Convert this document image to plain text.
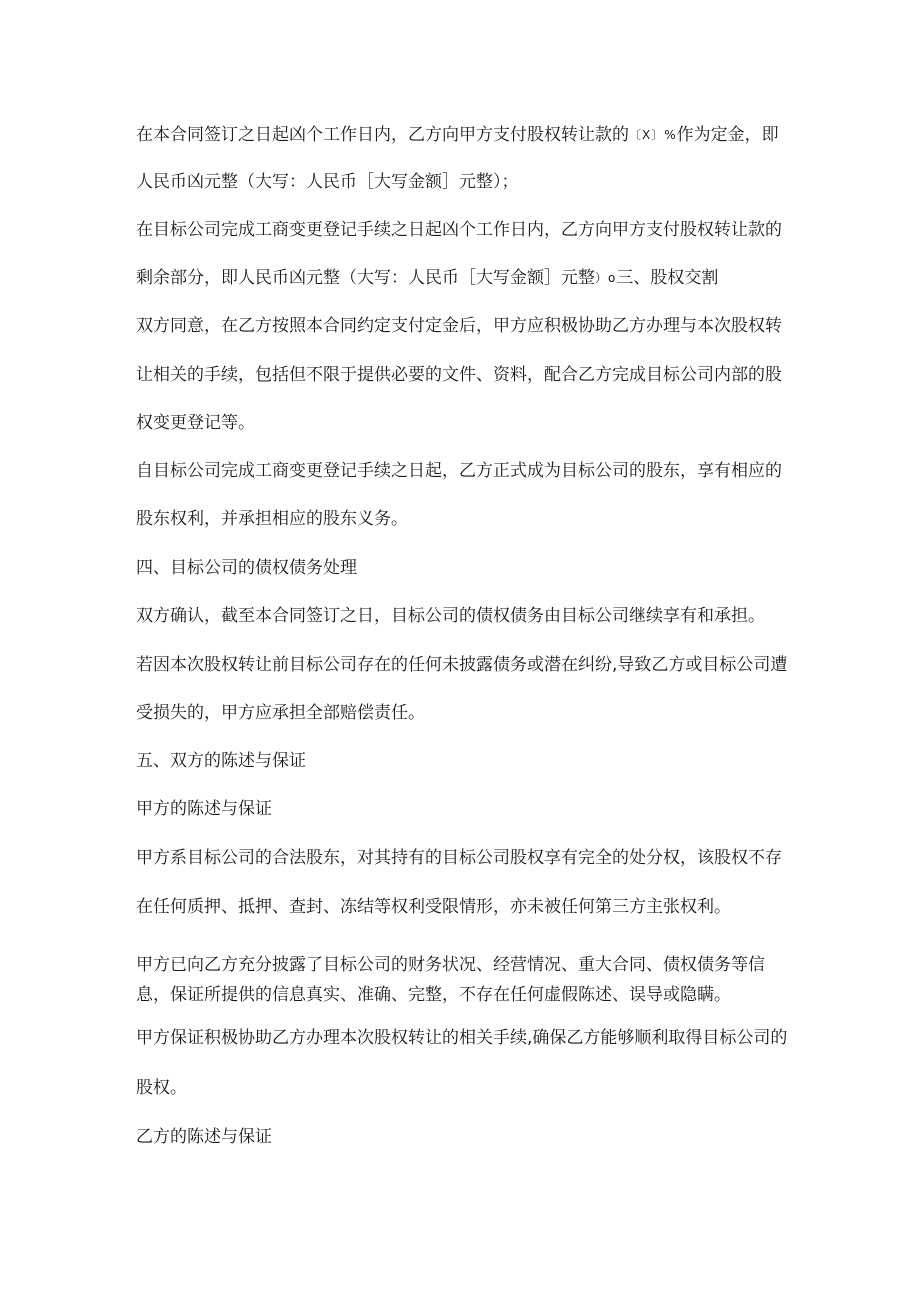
在本合同签订之日起凶个工作日内，乙方向甲方支付股权转让款的〔X〕%作为定金，即

人民币凶元整（大写：人民币［大写金额］元整）；

在目标公司完成工商变更登记手续之日起凶个工作日内，乙方向甲方支付股权转让款的

剩余部分，即人民币凶元整（大写：人民币［大写金额］元整）o三、股权交割

双方同意，在乙方按照本合同约定支付定金后，甲方应积极协助乙方办理与本次股权转

让相关的手续，包括但不限于提供必要的文件、资料，配合乙方完成目标公司内部的股

权变更登记等。

自目标公司完成工商变更登记手续之日起，乙方正式成为目标公司的股东，享有相应的

股东权利，并承担相应的股东义务。

四、目标公司的债权债务处理

双方确认，截至本合同签订之日，目标公司的债权债务由目标公司继续享有和承担。

若因本次股权转让前目标公司存在的任何未披露债务或潜在纠纷,导致乙方或目标公司遭

受损失的，甲方应承担全部赔偿责任。

五、双方的陈述与保证

甲方的陈述与保证

甲方系目标公司的合法股东，对其持有的目标公司股权享有完全的处分权，该股权不存

在任何质押、抵押、查封、冻结等权利受限情形，亦未被任何第三方主张权利。

甲方已向乙方充分披露了目标公司的财务状况、经营情况、重大合同、债权债务等信

息，保证所提供的信息真实、准确、完整，不存在任何虚假陈述、误导或隐瞒。

甲方保证积极协助乙方办理本次股权转让的相关手续,确保乙方能够顺利取得目标公司的

股权。

乙方的陈述与保证
